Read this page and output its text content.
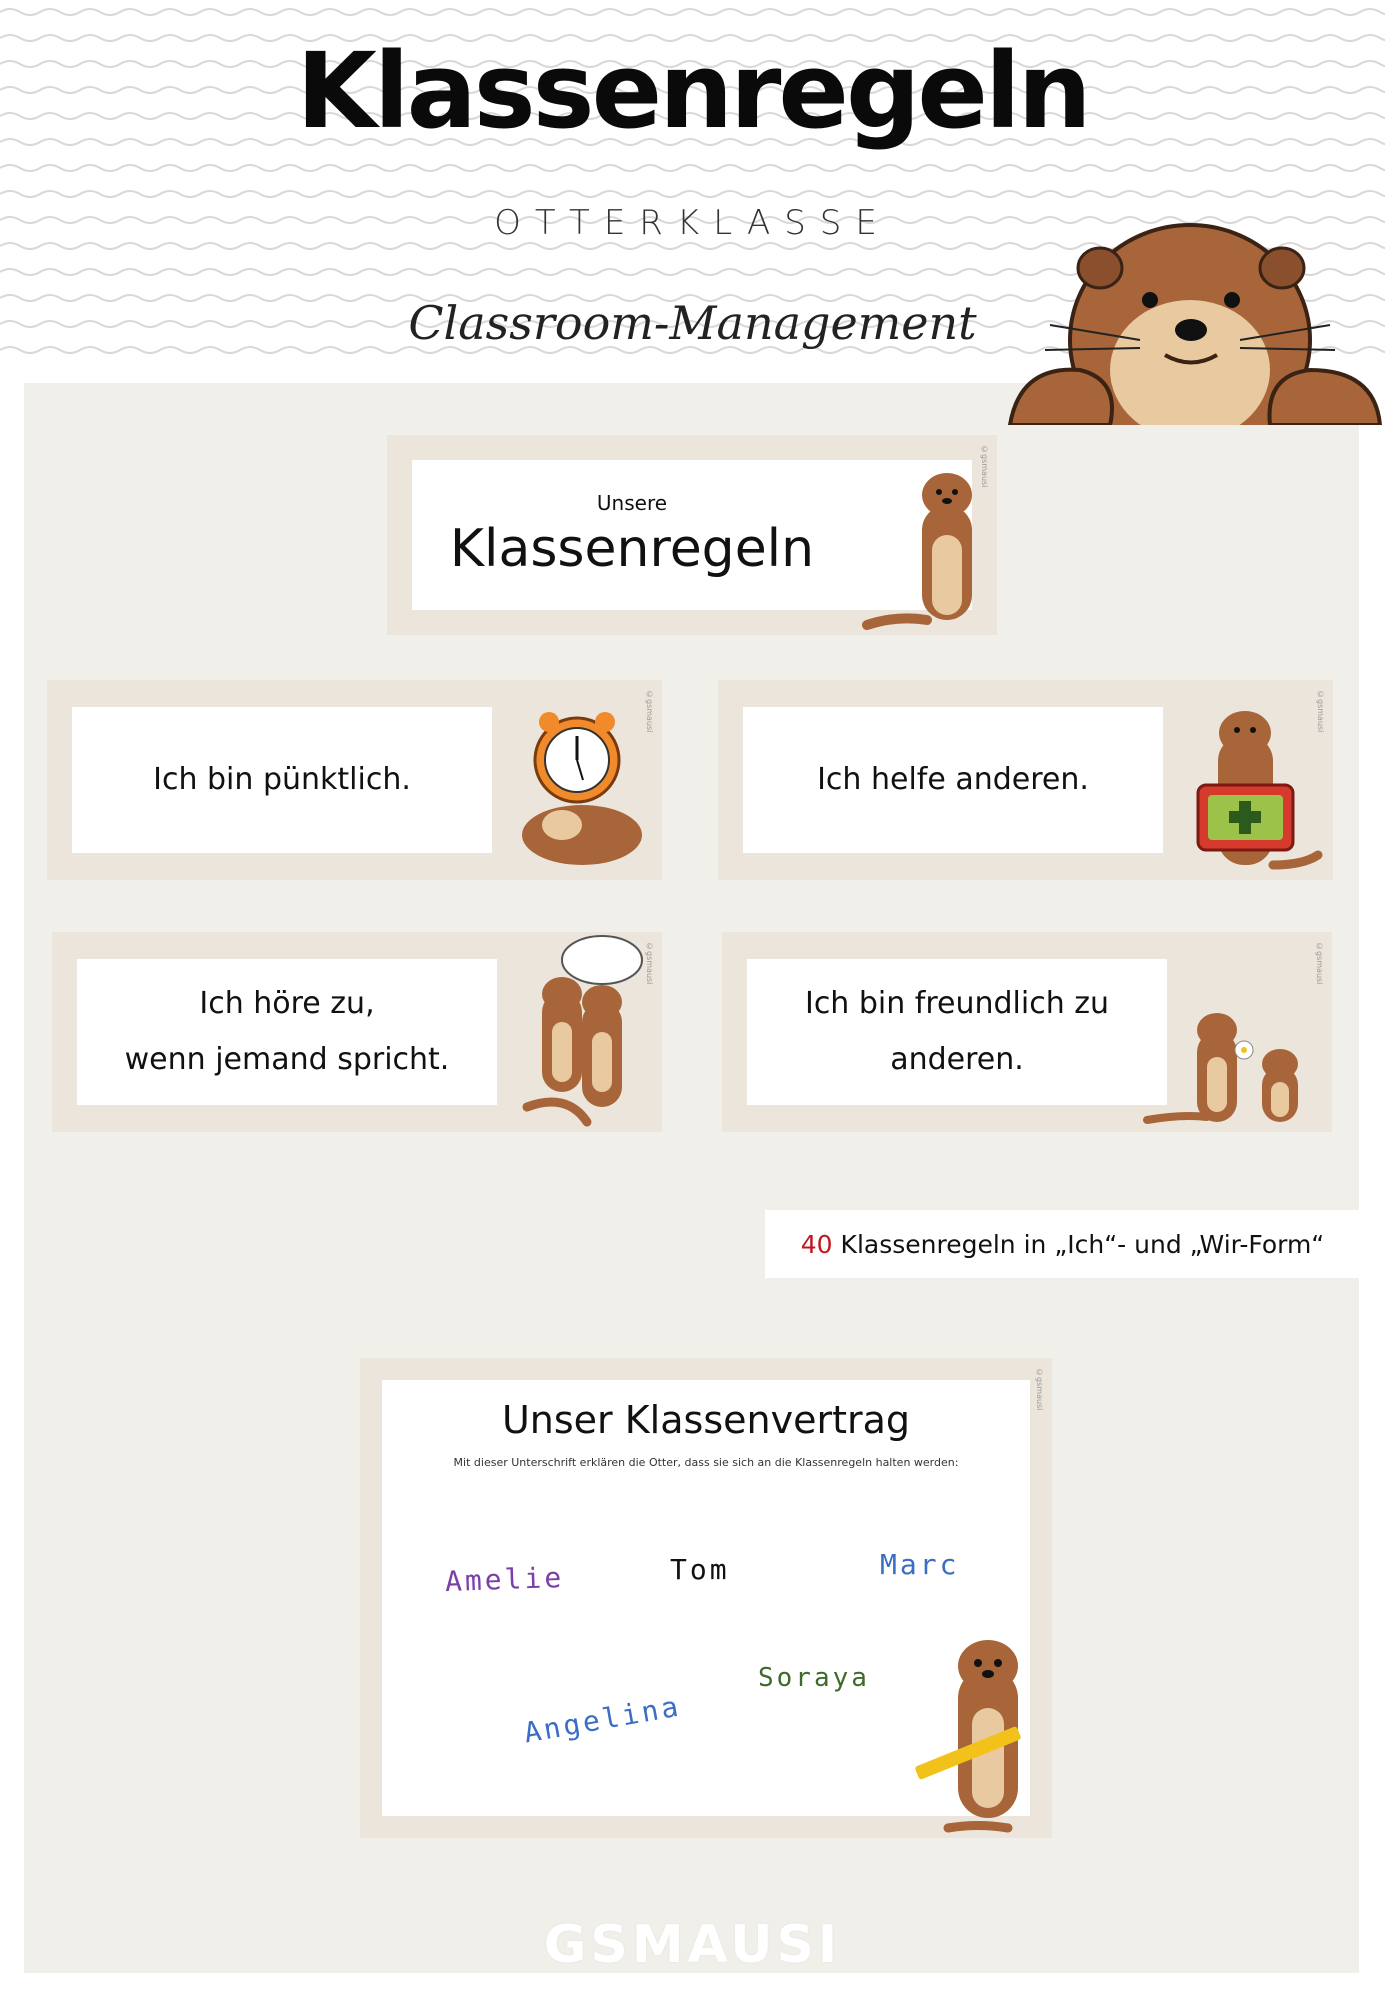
Klassenregeln
OTTERKLASSE
Classroom-Management
Unsere
Klassenregeln
©gsmausi
Ich bin pünktlich.
©gsmausi
Ich helfe anderen.
©gsmausi
Ich höre zu,
wenn jemand spricht.
©gsmausi
Ich bin freundlich zu
anderen.
©gsmausi
40 Klassenregeln in „Ich“- und „Wir-Form“
Unser Klassenvertrag
Mit dieser Unterschrift erklären die Otter, dass sie sich an die Klassenregeln halten werden:
Amelie	Tom	Marc
Soraya
Angelina
©gsmausi
GSMAUSI
